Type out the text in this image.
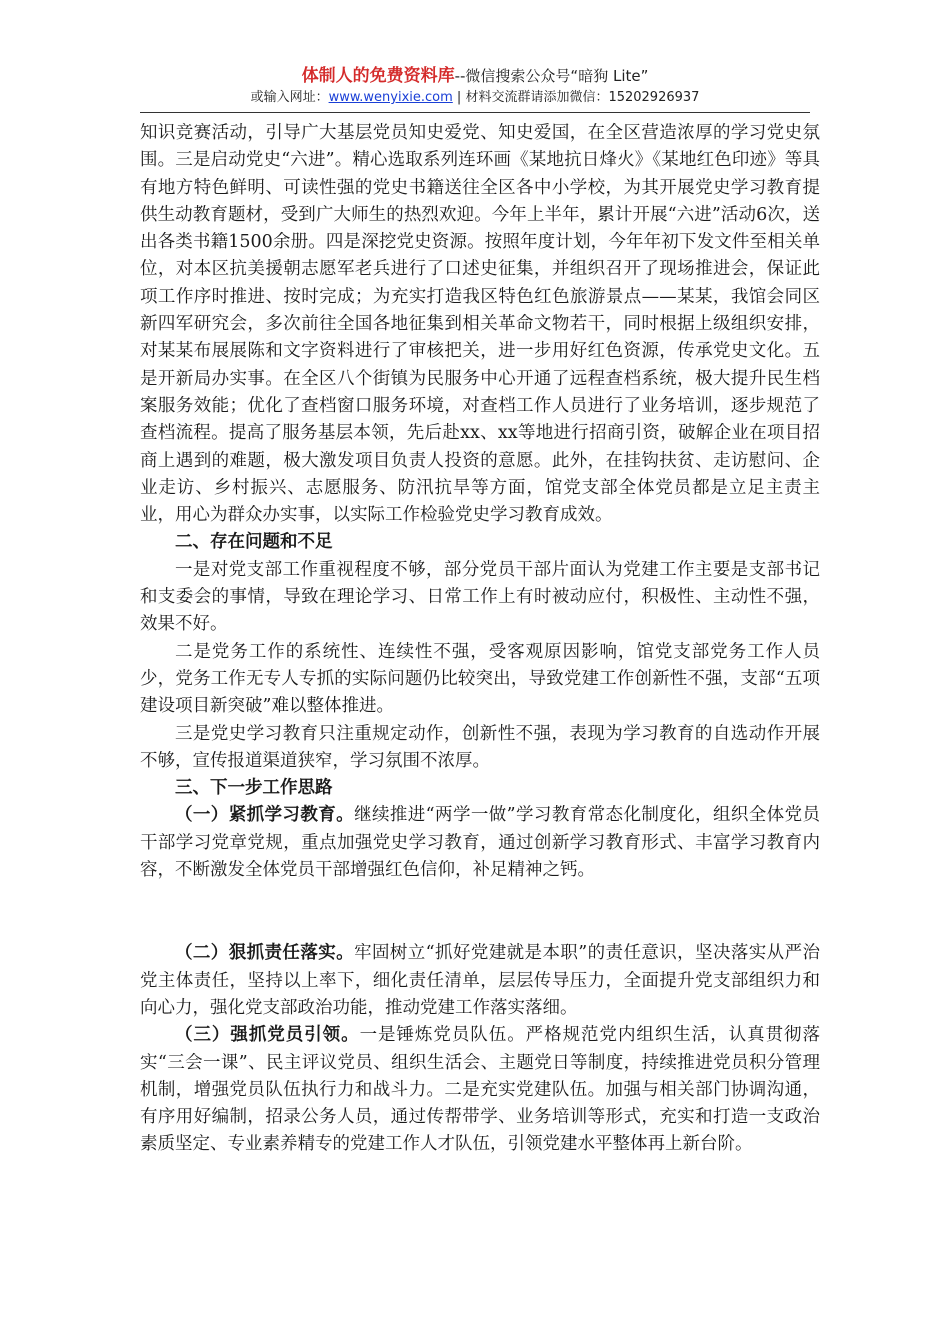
体制人的免费资料库--微信搜索公众号“暗狗 Lite”
或输入网址：www.wenyixie.com | 材料交流群请添加微信：15202926937

知识竞赛活动，引导广大基层党员知史爱党、知史爱国，在全区营造浓厚的学习党史氛围。三是启动党史“六进”。精心选取系列连环画《某地抗日烽火》《某地红色印迹》等具有地方特色鲜明、可读性强的党史书籍送往全区各中小学校，为其开展党史学习教育提供生动教育题材，受到广大师生的热烈欢迎。今年上半年，累计开展“六进”活动6次，送出各类书籍1500余册。四是深挖党史资源。按照年度计划，今年年初下发文件至相关单位，对本区抗美援朝志愿军老兵进行了口述史征集，并组织召开了现场推进会，保证此项工作序时推进、按时完成；为充实打造我区特色红色旅游景点——某某，我馆会同区新四军研究会，多次前往全国各地征集到相关革命文物若干，同时根据上级组织安排，对某某布展展陈和文字资料进行了审核把关，进一步用好红色资源，传承党史文化。五是开新局办实事。在全区八个街镇为民服务中心开通了远程查档系统，极大提升民生档案服务效能；优化了查档窗口服务环境，对查档工作人员进行了业务培训，逐步规范了查档流程。提高了服务基层本领，先后赴xx、xx等地进行招商引资，破解企业在项目招商上遇到的难题，极大激发项目负责人投资的意愿。此外，在挂钩扶贫、走访慰问、企业走访、乡村振兴、志愿服务、防汛抗旱等方面，馆党支部全体党员都是立足主责主业，用心为群众办实事，以实际工作检验党史学习教育成效。

二、存在问题和不足

一是对党支部工作重视程度不够，部分党员干部片面认为党建工作主要是支部书记和支委会的事情，导致在理论学习、日常工作上有时被动应付，积极性、主动性不强，效果不好。

二是党务工作的系统性、连续性不强，受客观原因影响，馆党支部党务工作人员少，党务工作无专人专抓的实际问题仍比较突出，导致党建工作创新性不强，支部“五项建设项目新突破”难以整体推进。

三是党史学习教育只注重规定动作，创新性不强，表现为学习教育的自选动作开展不够，宣传报道渠道狭窄，学习氛围不浓厚。

三、下一步工作思路

（一）紧抓学习教育。继续推进“两学一做”学习教育常态化制度化，组织全体党员干部学习党章党规，重点加强党史学习教育，通过创新学习教育形式、丰富学习教育内容，不断激发全体党员干部增强红色信仰，补足精神之钙。

（二）狠抓责任落实。牢固树立“抓好党建就是本职”的责任意识，坚决落实从严治党主体责任，坚持以上率下，细化责任清单，层层传导压力，全面提升党支部组织力和向心力，强化党支部政治功能，推动党建工作落实落细。

（三）强抓党员引领。一是锤炼党员队伍。严格规范党内组织生活，认真贯彻落实“三会一课”、民主评议党员、组织生活会、主题党日等制度，持续推进党员积分管理机制，增强党员队伍执行力和战斗力。二是充实党建队伍。加强与相关部门协调沟通，有序用好编制，招录公务人员，通过传帮带学、业务培训等形式，充实和打造一支政治素质坚定、专业素养精专的党建工作人才队伍，引领党建水平整体再上新台阶。
